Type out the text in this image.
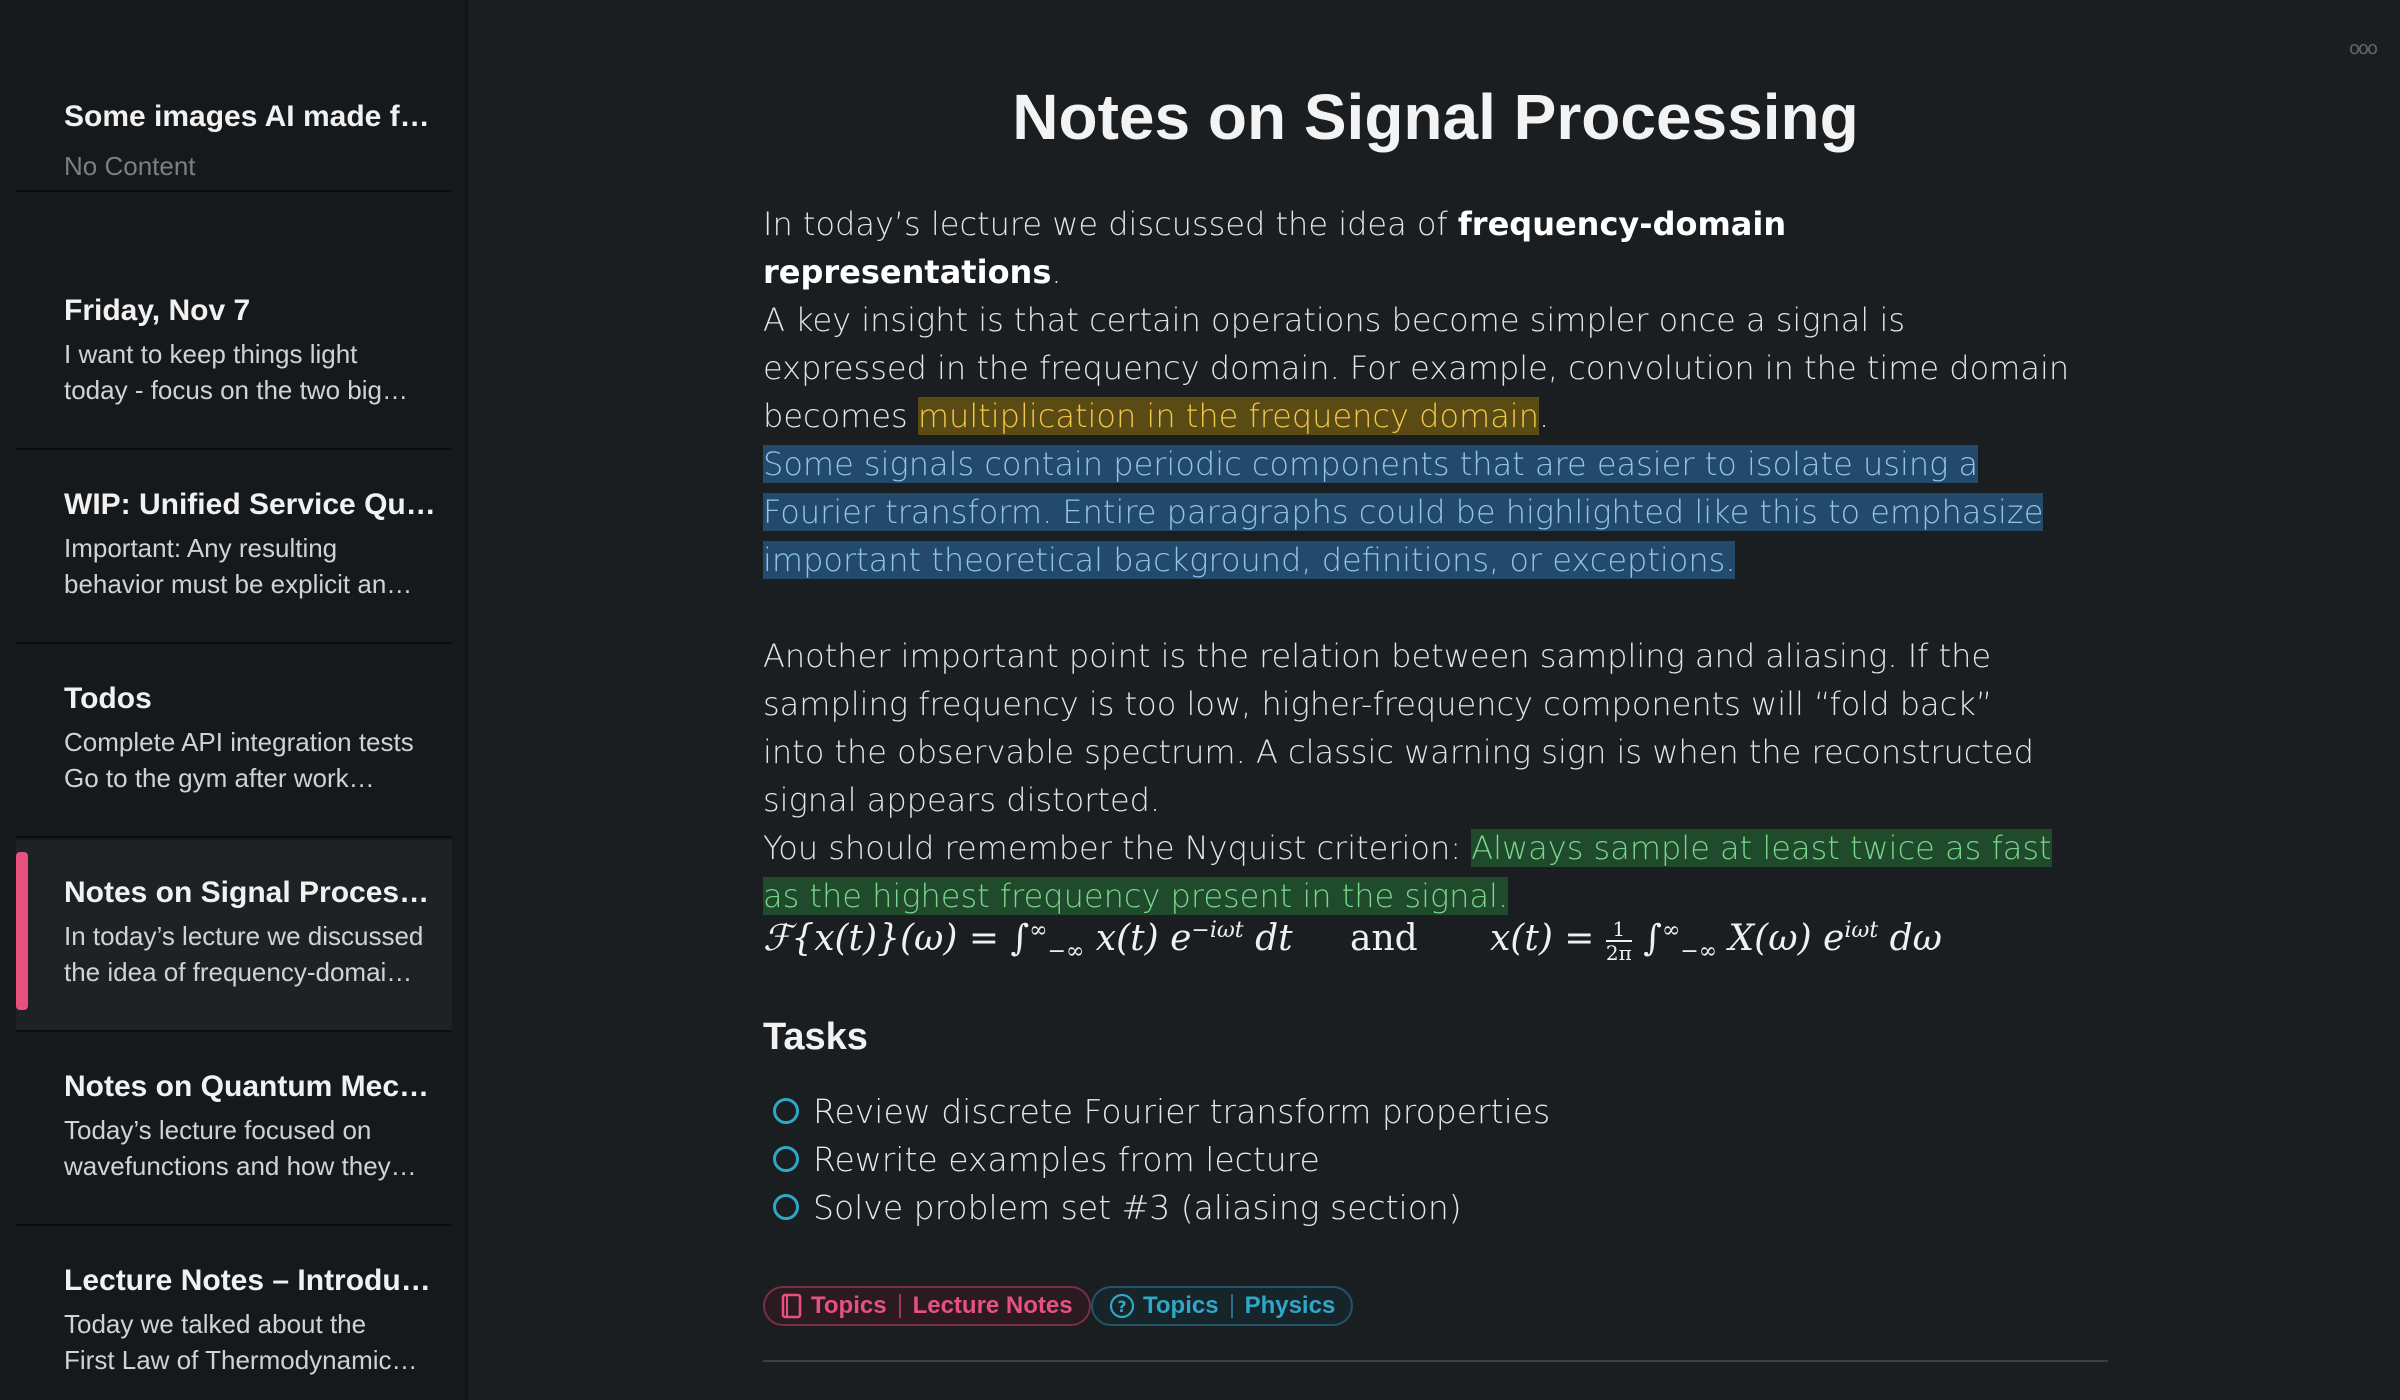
Some images AI made f…
No Content
Friday, Nov 7
I want to keep things light
today - focus on the two big…
WIP: Unified Service Qu…
Important: Any resulting
behavior must be explicit an…
Todos
Complete API integration tests
Go to the gym after work…
Notes on Signal Proces…
In today’s lecture we discussed
the idea of frequency-domai…
Notes on Quantum Mec…
Today’s lecture focused on
wavefunctions and how they…
Lecture Notes – Introdu…
Today we talked about the
First Law of Thermodynamic…
ooo
Notes on Signal Processing
In today’s lecture we discussed the idea of frequency-domain representations.
A key insight is that certain operations become simpler once a signal is expressed in the frequency domain. For example, convolution in the time domain becomes multiplication in the frequency domain.
Some signals contain periodic components that are easier to isolate using a Fourier transform. Entire paragraphs could be highlighted like this to emphasize important theoretical background, definitions, or exceptions.
Another important point is the relation between sampling and aliasing. If the sampling frequency is too low, higher-frequency components will “fold back” into the observable spectrum. A classic warning sign is when the reconstructed signal appears distorted.
You should remember the Nyquist criterion: Always sample at least twice as fast as the highest frequency present in the signal.
ℱ{x(t)}(ω) = $\int^\infty_{-\infty}$ x(t) $e^{-i\omega t}$ dt and $x(t) = \frac{1}{2\pi} \int^\infty_{-\infty}$ X(ω) $e^{i\omega t}$ dω
Tasks
Review discrete Fourier transform properties
Rewrite examples from lecture
Solve problem set #3 (aliasing section)
Topics Lecture Notes	? Topics Physics
